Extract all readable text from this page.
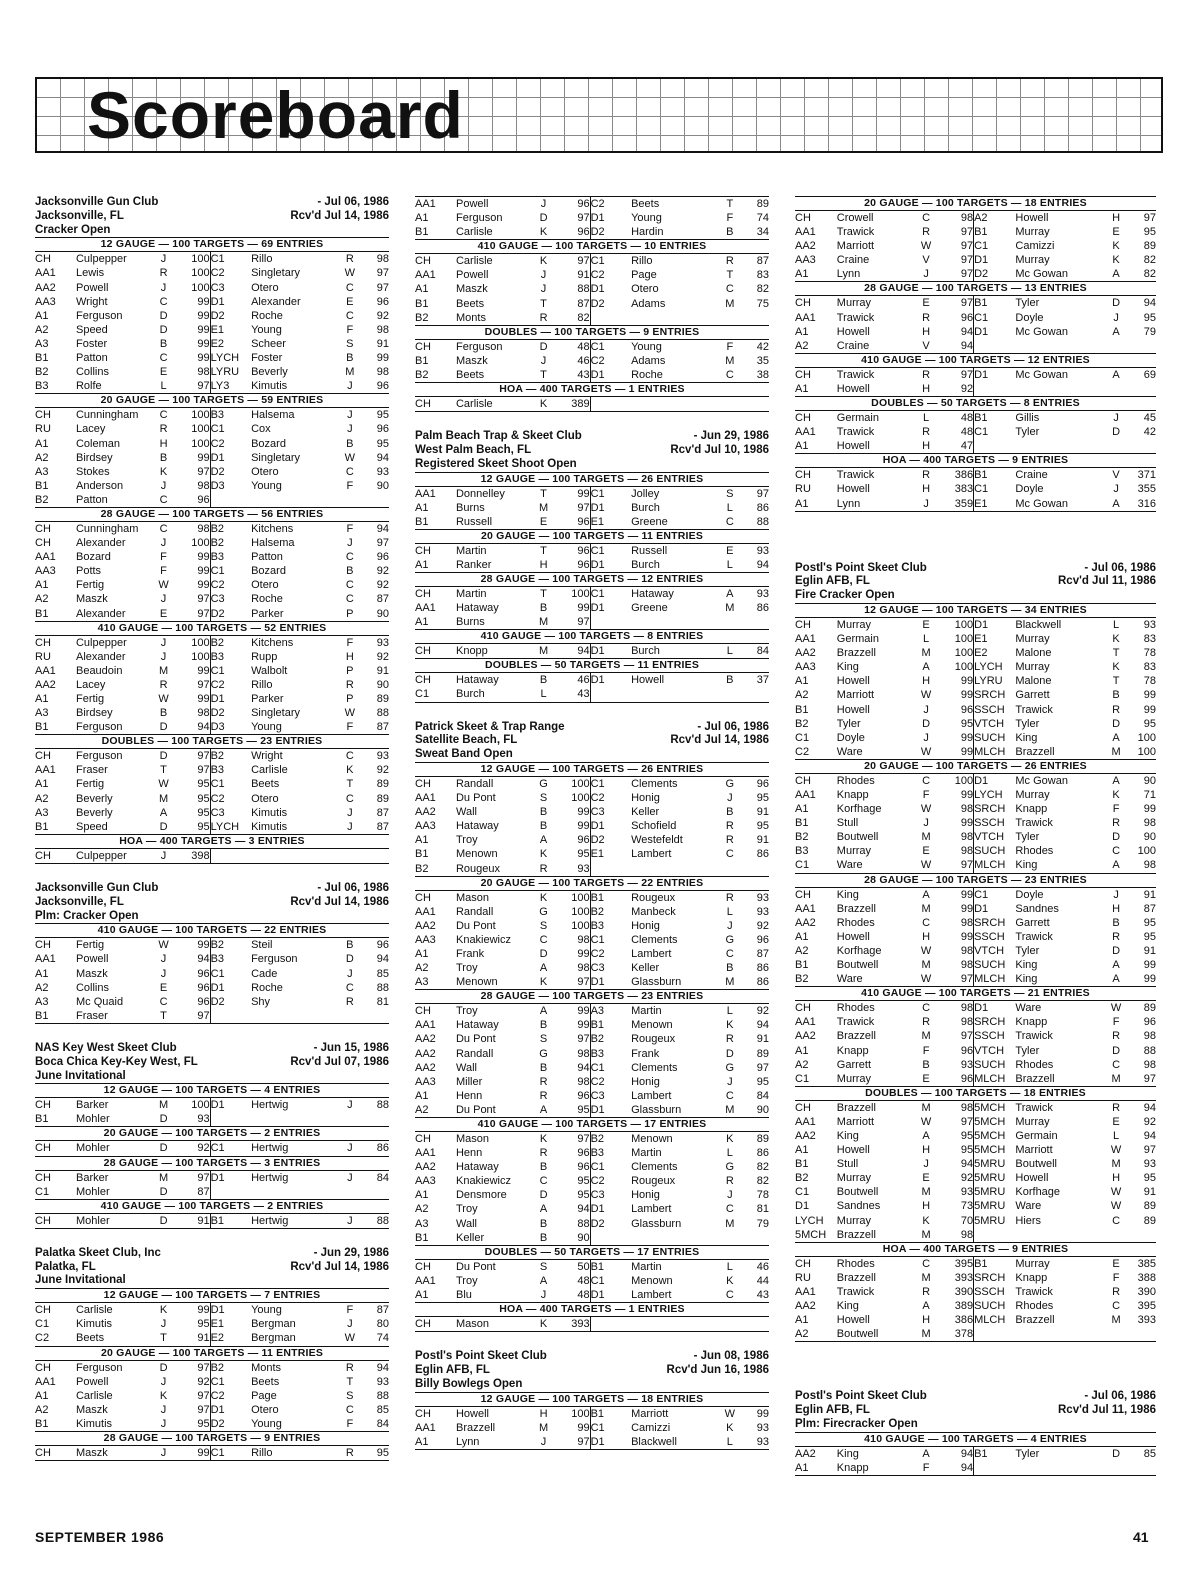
Scoreboard
Jacksonville Gun Club	- Jul 06, 1986
Jacksonville, FL	Rcv'd Jul 14, 1986
Cracker Open
12 GAUGE — 100 TARGETS — 69 ENTRIES
CH	Culpepper	J	100	C1	Rillo	R	98
AA1	Lewis	R	100	C2	Singletary	W	97
AA2	Powell	J	100	C3	Otero	C	97
AA3	Wright	C	99	D1	Alexander	E	96
A1	Ferguson	D	99	D2	Roche	C	92
A2	Speed	D	99	E1	Young	F	98
A3	Foster	B	99	E2	Scheer	S	91
B1	Patton	C	99	LYCH	Foster	B	99
B2	Collins	E	98	LYRU	Beverly	M	98
B3	Rolfe	L	97	LY3	Kimutis	J	96
20 GAUGE — 100 TARGETS — 59 ENTRIES
CH	Cunningham	C	100	B3	Halsema	J	95
RU	Lacey	R	100	C1	Cox	J	96
A1	Coleman	H	100	C2	Bozard	B	95
A2	Birdsey	B	99	D1	Singletary	W	94
A3	Stokes	K	97	D2	Otero	C	93
B1	Anderson	J	98	D3	Young	F	90
B2	Patton	C	96				
28 GAUGE — 100 TARGETS — 56 ENTRIES
CH	Cunningham	C	98	B2	Kitchens	F	94
CH	Alexander	J	100	B2	Halsema	J	97
AA1	Bozard	F	99	B3	Patton	C	96
AA3	Potts	F	99	C1	Bozard	B	92
A1	Fertig	W	99	C2	Otero	C	92
A2	Maszk	J	97	C3	Roche	C	87
B1	Alexander	E	97	D2	Parker	P	90
410 GAUGE — 100 TARGETS — 52 ENTRIES
CH	Culpepper	J	100	B2	Kitchens	F	93
RU	Alexander	J	100	B3	Rupp	H	92
AA1	Beaudoin	M	99	C1	Walbolt	P	91
AA2	Lacey	R	97	C2	Rillo	R	90
A1	Fertig	W	99	D1	Parker	P	89
A3	Birdsey	B	98	D2	Singletary	W	88
B1	Ferguson	D	94	D3	Young	F	87
DOUBLES — 100 TARGETS — 23 ENTRIES
CH	Ferguson	D	97	B2	Wright	C	93
AA1	Fraser	T	97	B3	Carlisle	K	92
A1	Fertig	W	95	C1	Beets	T	89
A2	Beverly	M	95	C2	Otero	C	89
A3	Beverly	A	95	C3	Kimutis	J	87
B1	Speed	D	95	LYCH	Kimutis	J	87
HOA — 400 TARGETS — 3 ENTRIES
CH	Culpepper	J	398				
Jacksonville Gun Club	- Jul 06, 1986
Jacksonville, FL	Rcv'd Jul 14, 1986
Plm: Cracker Open
410 GAUGE — 100 TARGETS — 22 ENTRIES
CH	Fertig	W	99	B2	Steil	B	96
AA1	Powell	J	94	B3	Ferguson	D	94
A1	Maszk	J	96	C1	Cade	J	85
A2	Collins	E	96	D1	Roche	C	88
A3	Mc Quaid	C	96	D2	Shy	R	81
B1	Fraser	T	97				
NAS Key West Skeet Club	- Jun 15, 1986
Boca Chica Key-Key West, FL	Rcv'd Jul 07, 1986
June Invitational
12 GAUGE — 100 TARGETS — 4 ENTRIES
CH	Barker	M	100	D1	Hertwig	J	88
B1	Mohler	D	93				
20 GAUGE — 100 TARGETS — 2 ENTRIES
CH	Mohler	D	92	C1	Hertwig	J	86
28 GAUGE — 100 TARGETS — 3 ENTRIES
CH	Barker	M	97	D1	Hertwig	J	84
C1	Mohler	D	87				
410 GAUGE — 100 TARGETS — 2 ENTRIES
CH	Mohler	D	91	B1	Hertwig	J	88
Palatka Skeet Club, Inc	- Jun 29, 1986
Palatka, FL	Rcv'd Jul 14, 1986
June Invitational
12 GAUGE — 100 TARGETS — 7 ENTRIES
CH	Carlisle	K	99	D1	Young	F	87
C1	Kimutis	J	95	E1	Bergman	J	80
C2	Beets	T	91	E2	Bergman	W	74
20 GAUGE — 100 TARGETS — 11 ENTRIES
CH	Ferguson	D	97	B2	Monts	R	94
AA1	Powell	J	92	C1	Beets	T	93
A1	Carlisle	K	97	C2	Page	S	88
A2	Maszk	J	97	D1	Otero	C	85
B1	Kimutis	J	95	D2	Young	F	84
28 GAUGE — 100 TARGETS — 9 ENTRIES
CH	Maszk	J	99	C1	Rillo	R	95
AA1	Powell	J	96	C2	Beets	T	89
A1	Ferguson	D	97	D1	Young	F	74
B1	Carlisle	K	96	D2	Hardin	B	34
410 GAUGE — 100 TARGETS — 10 ENTRIES
CH	Carlisle	K	97	C1	Rillo	R	87
AA1	Powell	J	91	C2	Page	T	83
A1	Maszk	J	88	D1	Otero	C	82
B1	Beets	T	87	D2	Adams	M	75
B2	Monts	R	82				
DOUBLES — 100 TARGETS — 9 ENTRIES
CH	Ferguson	D	48	C1	Young	F	42
B1	Maszk	J	46	C2	Adams	M	35
B2	Beets	T	43	D1	Roche	C	38
HOA — 400 TARGETS — 1 ENTRIES
CH	Carlisle	K	389				
Palm Beach Trap & Skeet Club	- Jun 29, 1986
West Palm Beach, FL	Rcv'd Jul 10, 1986
Registered Skeet Shoot Open
12 GAUGE — 100 TARGETS — 26 ENTRIES
AA1	Donnelley	T	99	C1	Jolley	S	97
A1	Burns	M	97	D1	Burch	L	86
B1	Russell	E	96	E1	Greene	C	88
20 GAUGE — 100 TARGETS — 11 ENTRIES
CH	Martin	T	96	C1	Russell	E	93
A1	Ranker	H	96	D1	Burch	L	94
28 GAUGE — 100 TARGETS — 12 ENTRIES
CH	Martin	T	100	C1	Hataway	A	93
AA1	Hataway	B	99	D1	Greene	M	86
A1	Burns	M	97				
410 GAUGE — 100 TARGETS — 8 ENTRIES
CH	Knopp	M	94	D1	Burch	L	84
DOUBLES — 50 TARGETS — 11 ENTRIES
CH	Hataway	B	46	D1	Howell	B	37
C1	Burch	L	43				
Patrick Skeet & Trap Range	- Jul 06, 1986
Satellite Beach, FL	Rcv'd Jul 14, 1986
Sweat Band Open
12 GAUGE — 100 TARGETS — 26 ENTRIES
CH	Randall	G	100	C1	Clements	G	96
AA1	Du Pont	S	100	C2	Honig	J	95
AA2	Wall	B	99	C3	Keller	B	91
AA3	Hataway	B	99	D1	Schofield	R	95
A1	Troy	A	96	D2	Westefeldt	R	91
B1	Menown	K	95	E1	Lambert	C	86
B2	Rougeux	R	93				
20 GAUGE — 100 TARGETS — 22 ENTRIES
CH	Mason	K	100	B1	Rougeux	R	93
AA1	Randall	G	100	B2	Manbeck	L	93
AA2	Du Pont	S	100	B3	Honig	J	92
AA3	Knakiewicz	C	98	C1	Clements	G	96
A1	Frank	D	99	C2	Lambert	C	87
A2	Troy	A	98	C3	Keller	B	86
A3	Menown	K	97	D1	Glassburn	M	86
28 GAUGE — 100 TARGETS — 23 ENTRIES
CH	Troy	A	99	A3	Martin	L	92
AA1	Hataway	B	99	B1	Menown	K	94
AA2	Du Pont	S	97	B2	Rougeux	R	91
AA2	Randall	G	98	B3	Frank	D	89
AA2	Wall	B	94	C1	Clements	G	97
AA3	Miller	R	98	C2	Honig	J	95
A1	Henn	R	96	C3	Lambert	C	84
A2	Du Pont	A	95	D1	Glassburn	M	90
410 GAUGE — 100 TARGETS — 17 ENTRIES
CH	Mason	K	97	B2	Menown	K	89
AA1	Henn	R	96	B3	Martin	L	86
AA2	Hataway	B	96	C1	Clements	G	82
AA3	Knakiewicz	C	95	C2	Rougeux	R	82
A1	Densmore	D	95	C3	Honig	J	78
A2	Troy	A	94	D1	Lambert	C	81
A3	Wall	B	88	D2	Glassburn	M	79
B1	Keller	B	90				
DOUBLES — 50 TARGETS — 17 ENTRIES
CH	Du Pont	S	50	B1	Martin	L	46
AA1	Troy	A	48	C1	Menown	K	44
A1	Blu	J	48	D1	Lambert	C	43
HOA — 400 TARGETS — 1 ENTRIES
CH	Mason	K	393				
Postl's Point Skeet Club	- Jun 08, 1986
Eglin AFB, FL	Rcv'd Jun 16, 1986
Billy Bowlegs Open
12 GAUGE — 100 TARGETS — 18 ENTRIES
CH	Howell	H	100	B1	Marriott	W	99
AA1	Brazzell	M	99	C1	Camizzi	K	93
A1	Lynn	J	97	D1	Blackwell	L	93
20 GAUGE — 100 TARGETS — 18 ENTRIES
CH	Crowell	C	98	A2	Howell	H	97
AA1	Trawick	R	97	B1	Murray	E	95
AA2	Marriott	W	97	C1	Camizzi	K	89
AA3	Craine	V	97	D1	Murray	K	82
A1	Lynn	J	97	D2	Mc Gowan	A	82
28 GAUGE — 100 TARGETS — 13 ENTRIES
CH	Murray	E	97	B1	Tyler	D	94
AA1	Trawick	R	96	C1	Doyle	J	95
A1	Howell	H	94	D1	Mc Gowan	A	79
A2	Craine	V	94				
410 GAUGE — 100 TARGETS — 12 ENTRIES
CH	Trawick	R	97	D1	Mc Gowan	A	69
A1	Howell	H	92				
DOUBLES — 50 TARGETS — 8 ENTRIES
CH	Germain	L	48	B1	Gillis	J	45
AA1	Trawick	R	48	C1	Tyler	D	42
A1	Howell	H	47				
HOA — 400 TARGETS — 9 ENTRIES
CH	Trawick	R	386	B1	Craine	V	371
RU	Howell	H	383	C1	Doyle	J	355
A1	Lynn	J	359	E1	Mc Gowan	A	316
Postl's Point Skeet Club	- Jul 06, 1986
Eglin AFB, FL	Rcv'd Jul 11, 1986
Fire Cracker Open
12 GAUGE — 100 TARGETS — 34 ENTRIES
CH	Murray	E	100	D1	Blackwell	L	93
AA1	Germain	L	100	E1	Murray	K	83
AA2	Brazzell	M	100	E2	Malone	T	78
AA3	King	A	100	LYCH	Murray	K	83
A1	Howell	H	99	LYRU	Malone	T	78
A2	Marriott	W	99	SRCH	Garrett	B	99
B1	Howell	J	96	SSCH	Trawick	R	99
B2	Tyler	D	95	VTCH	Tyler	D	95
C1	Doyle	J	99	SUCH	King	A	100
C2	Ware	W	99	MLCH	Brazzell	M	100
20 GAUGE — 100 TARGETS — 26 ENTRIES
CH	Rhodes	C	100	D1	Mc Gowan	A	90
AA1	Knapp	F	99	LYCH	Murray	K	71
A1	Korfhage	W	98	SRCH	Knapp	F	99
B1	Stull	J	99	SSCH	Trawick	R	98
B2	Boutwell	M	98	VTCH	Tyler	D	90
B3	Murray	E	98	SUCH	Rhodes	C	100
C1	Ware	W	97	MLCH	King	A	98
28 GAUGE — 100 TARGETS — 23 ENTRIES
CH	King	A	99	C1	Doyle	J	91
AA1	Brazzell	M	99	D1	Sandnes	H	87
AA2	Rhodes	C	98	SRCH	Garrett	B	95
A1	Howell	H	99	SSCH	Trawick	R	95
A2	Korfhage	W	98	VTCH	Tyler	D	91
B1	Boutwell	M	98	SUCH	King	A	99
B2	Ware	W	97	MLCH	King	A	99
410 GAUGE — 100 TARGETS — 21 ENTRIES
CH	Rhodes	C	98	D1	Ware	W	89
AA1	Trawick	R	98	SRCH	Knapp	F	96
AA2	Brazzell	M	97	SSCH	Trawick	R	98
A1	Knapp	F	96	VTCH	Tyler	D	88
A2	Garrett	B	93	SUCH	Rhodes	C	98
C1	Murray	E	96	MLCH	Brazzell	M	97
DOUBLES — 100 TARGETS — 18 ENTRIES
CH	Brazzell	M	98	5MCH	Trawick	R	94
AA1	Marriott	W	97	5MCH	Murray	E	92
AA2	King	A	95	5MCH	Germain	L	94
A1	Howell	H	95	5MCH	Marriott	W	97
B1	Stull	J	94	5MRU	Boutwell	M	93
B2	Murray	E	92	5MRU	Howell	H	95
C1	Boutwell	M	93	5MRU	Korfhage	W	91
D1	Sandnes	H	73	5MRU	Ware	W	89
LYCH	Murray	K	70	5MRU	Hiers	C	89
5MCH	Brazzell	M	98				
HOA — 400 TARGETS — 9 ENTRIES
CH	Rhodes	C	395	B1	Murray	E	385
RU	Brazzell	M	393	SRCH	Knapp	F	388
AA1	Trawick	R	390	SSCH	Trawick	R	390
AA2	King	A	389	SUCH	Rhodes	C	395
A1	Howell	H	386	MLCH	Brazzell	M	393
A2	Boutwell	M	378				
Postl's Point Skeet Club	- Jul 06, 1986
Eglin AFB, FL	Rcv'd Jul 11, 1986
Plm: Firecracker Open
410 GAUGE — 100 TARGETS — 4 ENTRIES
AA2	King	A	94	B1	Tyler	D	85
A1	Knapp	F	94				
SEPTEMBER 1986	41
